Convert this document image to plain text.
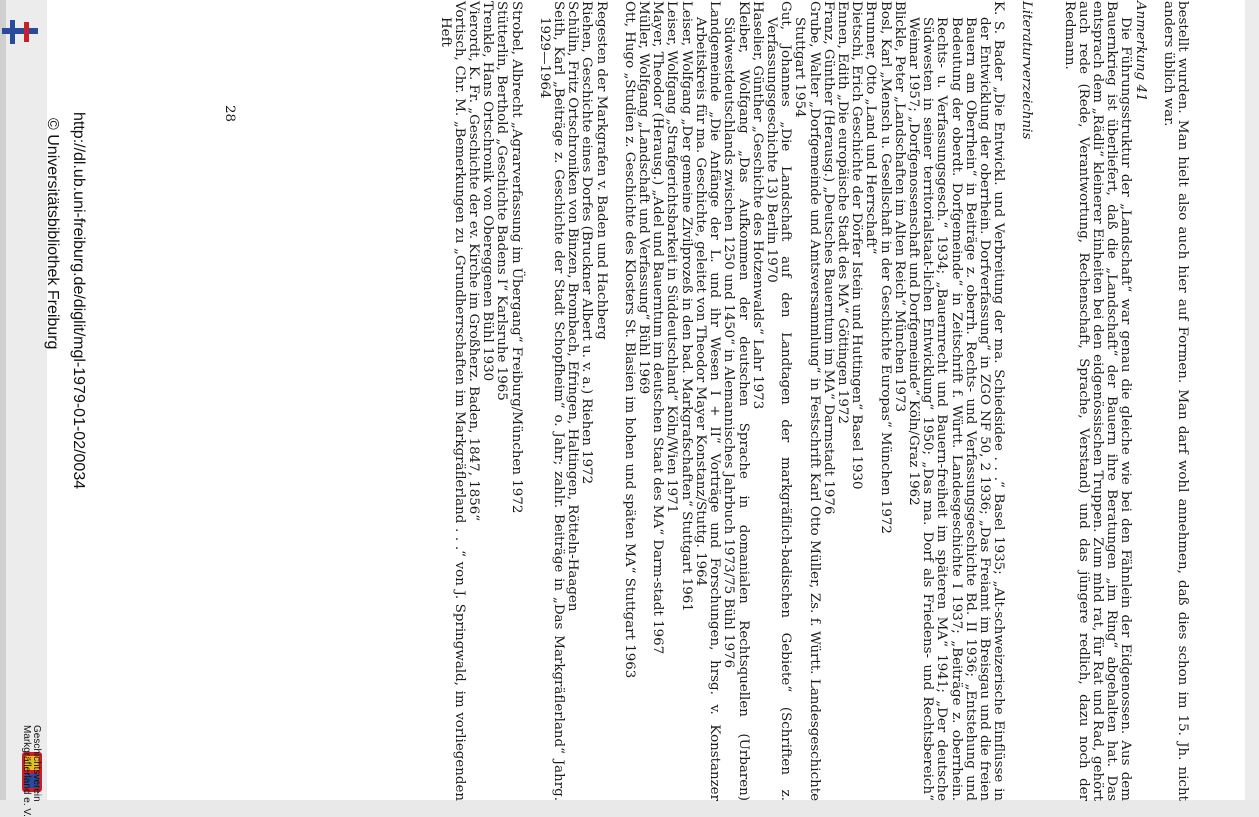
Geschichtsverein
Markgräflerland e. V.
http://dl.ub.uni-freiburg.de/diglit/mgl-1979-01-02/0034
© Universitätsbibliothek Freiburg
28	bestellt wurden. Man hielt also auch hier auf Formen. Man darf wohl annehmen, daß dies schon im 15. Jh. nicht anders üblich war.

Anmerkung 41

Die Führungsstruktur der „Landschaft“ war genau die gleiche wie bei den Fähnlein der Eidgenossen. Aus dem Bauernkrieg ist überliefert, daß die „Landschaft“ der Bauern ihre Beratungen „im Ring“ abgehalten hat. Das entsprach dem „Rädli“ kleinerer Einheiten bei den eidgenössischen Truppen. Zum mhd rat, für Rat und Rad, gehört auch rede (Rede, Verantwortung, Rechenschaft, Sprache, Verstand) und das jüngere redlich, dazu noch der Redmann.

Literaturverzeichnis

K. S. Bader „Die Entwickl. und Verbreitung der ma. Schiedsidee . . .“ Basel 1935; „Alt-schweizerische Einflüsse in der Entwicklung der oberrhein. Dorfverfassung“ in ZGO NF 50, 2 1936; „Das Freiamt im Breisgau und die freien Bauern am Oberrhein“ in Beiträge z. oberrh. Rechts- und Verfassungsgeschichte Bd. II 1936; „Entstehung und Bedeutung der oberdt. Dorfgemeinde“ in Zeitschrift f. Württ. Landesgeschichte I 1937; „Beiträge z. oberrhein. Rechts- u. Verfassungsgesch.“ 1934; „Bauernrecht und Bauern-freiheit im späteren MA“ 1941; „Der deutsche Südwesten in seiner territorialstaat-lichen Entwicklung“ 1950; „Das ma. Dorf als Friedens- und Rechtsbereich“ Weimar 1957; „Dorfgenossenschaft und Dorfgemeinde“ Köln/Graz 1962

Blickle, Peter „Landschaften im Alten Reich“ München 1973

Bosl, Karl „Mensch u. Gesellschaft in der Geschichte Europas“ München 1972

Brunner, Otto „Land und Herrschaft“

Dietschi, Erich Geschichte der Dörfer Istein und Huttingen“ Basel 1930

Ennen, Edith „Die europäische Stadt des MA“ Göttingen 1972

Franz, Günther (Herausg.) „Deutsches Bauerntum im MA“ Darmstadt 1976

Grube, Walter „Dorfgemeinde und Amtsversammlung“ in Festschrift Karl Otto Müller, Zs. f. Württ. Landesgeschichte Stuttgart 1954

Gut, Johannes „Die Landschaft auf den Landtagen der markgräflich-badischen Gebiete“ (Schriften z. Verfassungsgeschichte 13) Berlin 1970

Haselier, Günther „Geschichte des Hotzenwalds“ Lahr 1973

Kleiber, Wolfgang „Das Aufkommen der deutschen Sprache in domanialen Rechtsquellen (Urbaren) Südwestdeutschlands zwischen 1250 und 1450“ in Alemannisches Jahrbuch 1973/75 Bühl 1976

Landgemeinde „Die Anfänge der L. und ihr Wesen I + II“ Vorträge und Forschungen, hrsg. v. Konstanzer Arbeitskreis für ma. Geschichte, geleitet von Theodor Mayer Konstanz/Stuttg. 1964

Leiser, Wolfgang „Der gemeine Zivilprozeß in den bad. Markgrafschaften“ Stuttgart 1961

Leiser, Wolfgang „Strafgerichtsbarkeit in Süddeutschland“ Köln/Wien 1971

Mayer, Theodor (Herausg.) „Adel und Bauerntum im deutschen Staat des MA“ Darm-stadt 1967

Müller, Wolfgang „Landschaft und Verfassung“ Bühl 1969

Ott, Hugo „Studien z. Geschichte des Klosters St. Blasien im hohen und späten MA“ Stuttgart 1963

Regesten der Markgrafen v. Baden und Hachberg

Riehen, Geschichte eines Dorfes (Bruckner Albert u. v. a.) Riehen 1972

Schülin, Fritz Ortschroniken von Binzen, Brombach, Efringen, Haltingen, Rötteln-Haagen

Seith, Karl „Beiträge z. Geschichte der Stadt Schopfheim“ o. Jahr; zahlr. Beiträge in „Das Markgräflerland“ Jahrg. 1929—1964

Strobel, Albrecht „Agrarverfassung im Übergang“ Freiburg/München 1972

Stütterlin, Berthold „Geschichte Badens I“ Karlsruhe 1965

Trenkle, Hans Ortschronik von Obereggenen Bühl 1930

Vierordt, K. Fr. „Geschichte der ev. Kirche im Großherz. Baden, 1847, 1856“

Vortisch, Chr. M. „Bemerkungen zu „Grundherrschaften im Markgräflerland . . .“ von J. Springwald, im vorliegenden Heft
